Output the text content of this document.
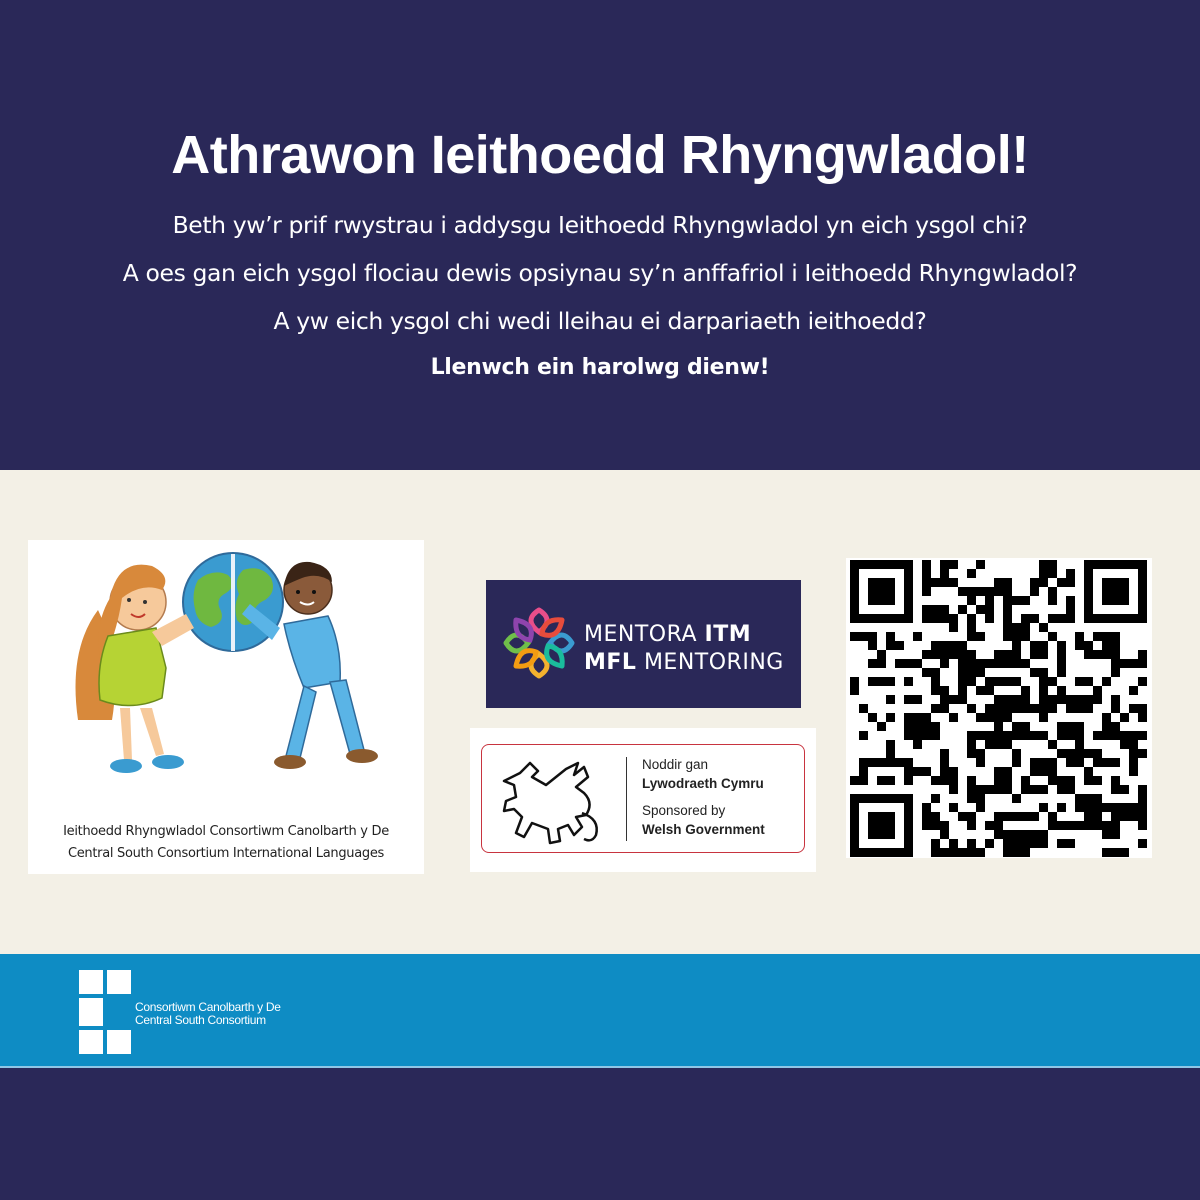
Athrawon Ieithoedd Rhyngwladol!

Beth yw’r prif rwystrau i addysgu Ieithoedd Rhyngwladol yn eich ysgol chi?

A oes gan eich ysgol flociau dewis opsiynau sy’n anffafriol i Ieithoedd Rhyngwladol?

A yw eich ysgol chi wedi lleihau ei darpariaeth ieithoedd?

Llenwch ein harolwg dienw!

Ieithoedd Rhyngwladol Consortiwm Canolbarth y De

Central South Consortium International Languages

MENTORA ITM

MFL MENTORING

Noddir gan

Lywodraeth Cymru

Sponsored by

Welsh Government

Consortiwm Canolbarth y De

Central South Consortium
